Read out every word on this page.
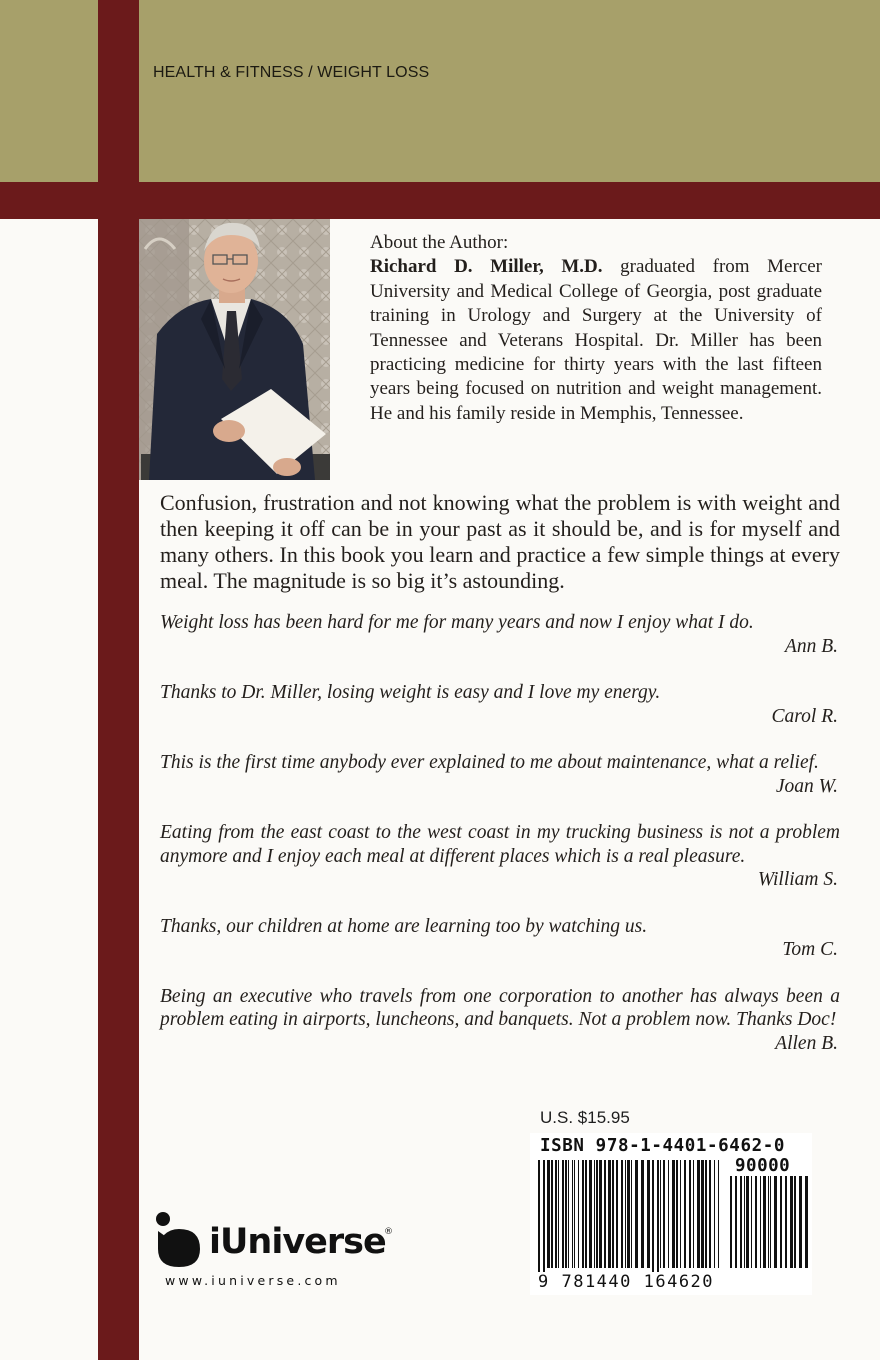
HEALTH & FITNESS / WEIGHT LOSS
About the Author:
Richard D. Miller, M.D. graduated from Mercer University and Medical College of Georgia, post graduate training in Urology and Surgery at the University of Tennessee and Veterans Hospital. Dr. Miller has been practicing medicine for thirty years with the last fifteen years being focused on nutrition and weight management. He and his family reside in Memphis, Tennessee.
Confusion, frustration and not knowing what the problem is with weight and then keeping it off can be in your past as it should be, and is for myself and many others. In this book you learn and practice a few simple things at every meal. The magnitude is so big it’s astounding.
Weight loss has been hard for me for many years and now I enjoy what I do.
Ann B.
Thanks to Dr. Miller, losing weight is easy and I love my energy.
Carol R.
This is the first time anybody ever explained to me about maintenance, what a relief.
Joan W.
Eating from the east coast to the west coast in my trucking business is not a problem anymore and I enjoy each meal at different places which is a real pleasure.
William S.
Thanks, our children at home are learning too by watching us.
Tom C.
Being an executive who travels from one corporation to another has always been a problem eating in airports, luncheons, and banquets. Not a problem now. Thanks Doc!
Allen B.
U.S. $15.95
ISBN 978-1-4401-6462-0
90000
9 781440 164620
iUniverse
®
www.iuniverse.com
